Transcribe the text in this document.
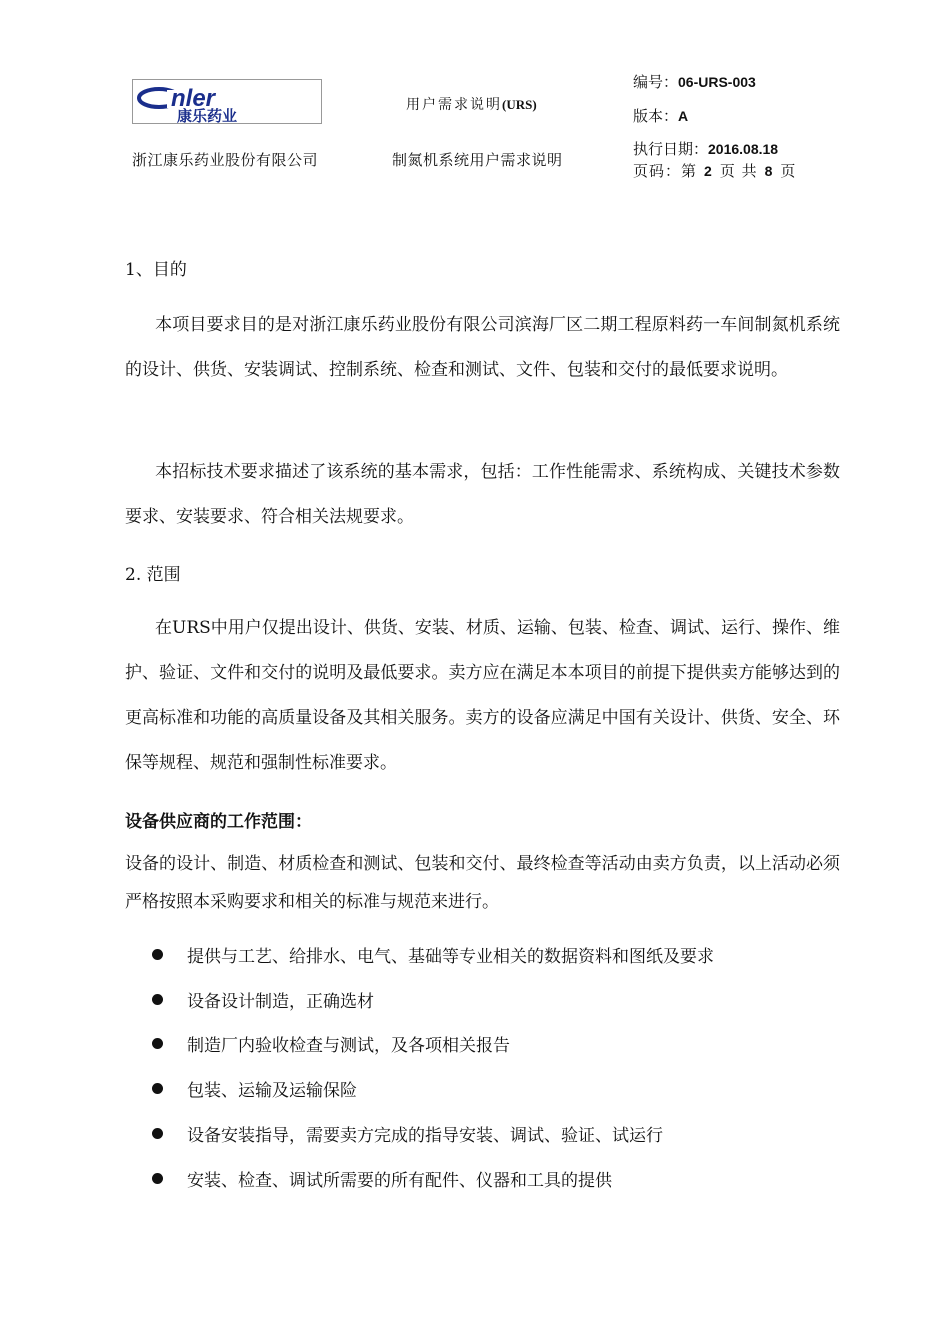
nler
康乐药业
浙江康乐药业股份有限公司
用户需求说明(URS)
制氮机系统用户需求说明
编号：06-URS-003
版本：A
执行日期：2016.08.18
页码：第 2 页 共 8 页
1、目的

本项目要求目的是对浙江康乐药业股份有限公司滨海厂区二期工程原料药一车间制氮机系统的设计、供货、安装调试、控制系统、检查和测试、文件、包装和交付的最低要求说明。

本招标技术要求描述了该系统的基本需求，包括：工作性能需求、系统构成、关键技术参数要求、安装要求、符合相关法规要求。

2. 范围

在URS中用户仅提出设计、供货、安装、材质、运输、包装、检查、调试、运行、操作、维护、验证、文件和交付的说明及最低要求。卖方应在满足本本项目的前提下提供卖方能够达到的更高标准和功能的高质量设备及其相关服务。卖方的设备应满足中国有关设计、供货、安全、环保等规程、规范和强制性标准要求。

设备供应商的工作范围：

设备的设计、制造、材质检查和测试、包装和交付、最终检查等活动由卖方负责，以上活动必须严格按照本采购要求和相关的标准与规范来进行。

提供与工艺、给排水、电气、基础等专业相关的数据资料和图纸及要求
设备设计制造，正确选材
制造厂内验收检查与测试，及各项相关报告
包装、运输及运输保险
设备安装指导，需要卖方完成的指导安装、调试、验证、试运行
安装、检查、调试所需要的所有配件、仪器和工具的提供
